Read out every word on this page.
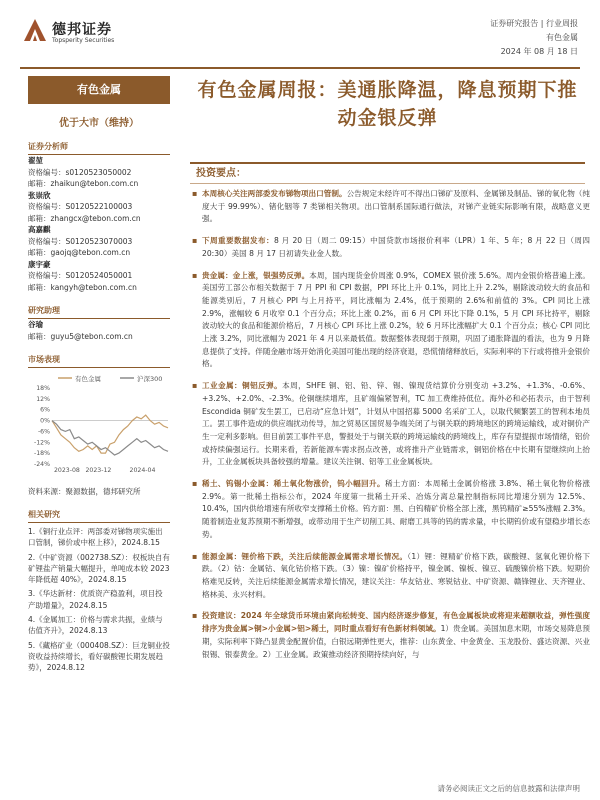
德邦证券
Topsperity Securities
证券研究报告 | 行业周报
有色金属
2024 年 08 月 18 日
有色金属
优于大市（维持）
证券分析师
翟堃
资格编号：s0120523050002
邮箱：zhaikun@tebon.com.cn
张崇欣
资格编号：S0120522100003
邮箱：zhangcx@tebon.com.cn
高嘉麒
资格编号：S0120523070003
邮箱：gaojq@tebon.com.cn
康宇豪
资格编号：S0120524050001
邮箱：kangyh@tebon.com.cn
研究助理
谷瑜
邮箱：guyu5@tebon.com.cn
市场表现
有色金属	沪深300
18%
12%
6%
0%
-6%
-12%
-18%
-24%
2023-08 2023-12	2024-04
资料来源：聚源数据，德邦研究所
相关研究
1.《铜行业点评：两部委对锑物项实施出口管制，锑价或中枢上移》，2024.8.15
2.《中矿资源（002738.SZ）：权板块自有矿锂盐产销量大幅提升，单吨成本较 2023 年降低超 40%》，2024.8.15
3.《华达新材：优质资产稳盈利，项目投产助增量》，2024.8.15
4.《金属加工：价格与需求共振，业绩与估值齐升》，2024.8.13
5.《藏格矿业（000408.SZ）：巨龙铜业投资收益持续增长，看好碳酸锂长期发展趋势》，2024.8.12
有色金属周报：美通胀降温，降息预期下推动金银反弹
投资要点：
▪ 本周核心关注两部委发布锑物项出口管制。公告规定未经许可不得出口锑矿及原料、金属锑及制品、锑的氧化物（纯度大于 99.99%）、锗化铟等 7 类锑相关物项。出口管制系国际通行做法，对锑产业链实际影响有限，战略意义更强。
▪ 下周重要数据发布：8 月 20 日（周二 09:15）中国贷款市场报价利率（LPR）1 年、5 年；8 月 22 日（周四 20:30）美国 8 月 17 日初请失业金人数。
▪ 贵金属：金上涨，银强势反弹。本周，国内现货金价周涨 0.9%，COMEX 银价涨 5.6%。周内金银价格普遍上涨。美国劳工部公布相关数据于 7 月 PPI 和 CPI 数据，PPI 环比上升 0.1%，同比上升 2.2%，剔除波动较大的食品和能源类别后，7 月核心 PPI 与上月持平，同比涨幅为 2.4%，低于预期的 2.6%和前值的 3%。CPI 同比上涨 2.9%，涨幅较 6 月收窄 0.1 个百分点；环比上涨 0.2%，而 6 月 CPI 环比下降 0.1%，5 月 CPI 环比持平，剔除波动较大的食品和能源价格后，7 月核心 CPI 环比上涨 0.2%，较 6 月环比涨幅扩大 0.1 个百分点；核心 CPI 同比上涨 3.2%，同比涨幅为 2021 年 4 月以来最低值。数据整体表现弱于预期，巩固了通胀降温的看法，也为 9 月降息提供了支持。伴随金融市场开始消化美国可能出现的经济衰退，恐慌情绪释放后，实际利率的下行或将推升金银价格。
▪ 工业金属：铜铝反弹。本周，SHFE 铜、铝、铅、锌、锡、镍现货结算价分别变动 +3.2%、+1.3%、-0.6%、+3.2%、+2.0%、-2.3%。伦铜继续增库，且矿端偏紧智利，TC 加工费维持低位。海外必和必拓表示，由于智利 Escondida 铜矿发生罢工，已启动“应急计划”，计划从中国招募 5000 名采矿工人，以取代频繁罢工的智利本地员工。罢工事件造成的供应端扰动传导，加之贸易区国贸易争端关闭了与铜关联的跨境地区的跨境运输线，或对铜价产生一定利多影响。但目前罢工事件平息，警报处于与铜关联的跨境运输线的跨境线上，库存有望提振市场情绪，铝价或持续偏强运行。长期来看，若新能源车需求拐点改善，或将推升产业链需求，铜铝价格在中长期有望继续向上抬升，工业金属板块具备较强的增量。建议关注铜、铝等工业金属板块。
▪ 稀土、钨锡小金属：稀土氧化物涨价，钨小幅回升。稀土方面：本周稀土金属价格涨 3.8%、稀土氧化物价格涨 2.9%。第一批稀土指标公布，2024 年度第一批稀土开采、冶炼分离总量控制指标同比增速分别为 12.5%、10.4%，国内供给增速有所收窄支撑稀土价格。钨方面：黑、白钨精矿价格全部上涨，黑钨精矿≥55%涨幅 2.3%。随着制造业复苏预期不断增强，或带动用于生产切削工具、耐磨工具等的钨的需求量，中长期钨价或有望稳步增长态势。
▪ 能源金属：锂价格下跌，关注后续能源金属需求增长情况。（1）锂：锂精矿价格下跌，碳酸锂、氢氧化锂价格下跌。（2）钴：金属钴、氧化钴价格下跌。（3）镍：镍矿价格持平，镍金属、镍板、镍豆、硫酸镍价格下跌。短期价格难见反转，关注后续能源金属需求增长情况，建议关注：华友钴业、寒锐钴业、中矿资源、赣锋锂业、天齐锂业、格林美、永兴材料。
▪ 投资建议：2024 年全球货币环境由紧向松转变、国内经济逐步修复，有色金属板块或将迎来超额收益，弹性强度排序为贵金属>铜>小金属>铝>稀土，同时重点看好有色新材料领域。1）贵金属。美国加息末期，市场交易降息预期，实际利率下降凸显黄金配置价值，白银远期弹性更大，推荐：山东黄金、中金黄金、玉龙股份、盛达资源、兴业银锡、银泰黄金。2）工业金属。政策推动经济预期持续向好，与
请务必阅读正文之后的信息披露和法律声明
